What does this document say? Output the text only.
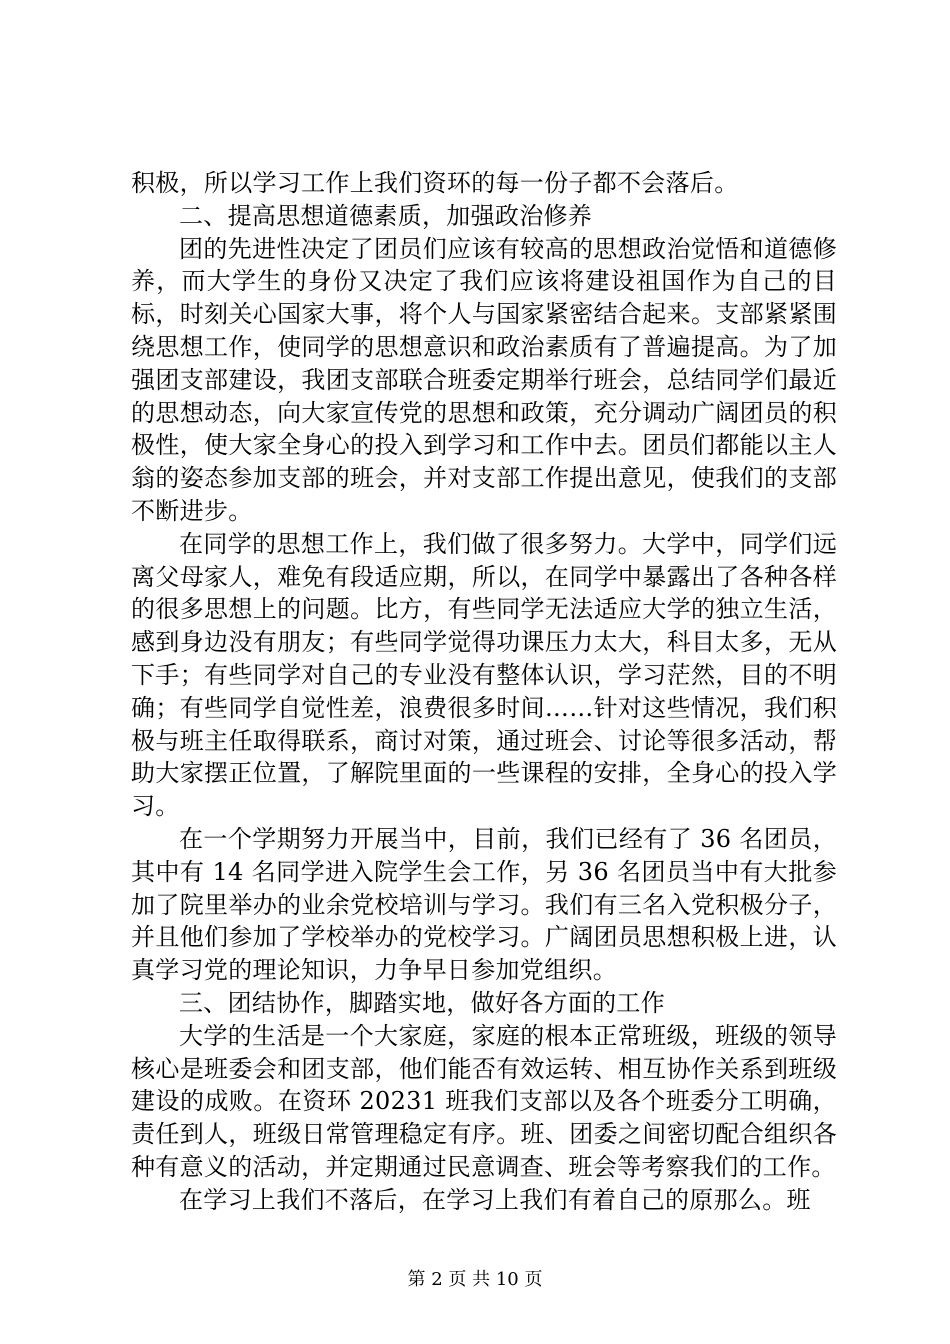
积极，所以学习工作上我们资环的每一份子都不会落后。

二、提高思想道德素质，加强政治修养

团的先进性决定了团员们应该有较高的思想政治觉悟和道德修养，而大学生的身份又决定了我们应该将建设祖国作为自己的目标，时刻关心国家大事，将个人与国家紧密结合起来。支部紧紧围绕思想工作，使同学的思想意识和政治素质有了普遍提高。为了加强团支部建设，我团支部联合班委定期举行班会，总结同学们最近的思想动态，向大家宣传党的思想和政策，充分调动广阔团员的积极性，使大家全身心的投入到学习和工作中去。团员们都能以主人翁的姿态参加支部的班会，并对支部工作提出意见，使我们的支部不断进步。

在同学的思想工作上，我们做了很多努力。大学中，同学们远离父母家人，难免有段适应期，所以，在同学中暴露出了各种各样的很多思想上的问题。比方，有些同学无法适应大学的独立生活，感到身边没有朋友；有些同学觉得功课压力太大，科目太多，无从下手；有些同学对自己的专业没有整体认识，学习茫然，目的不明确；有些同学自觉性差，浪费很多时间……针对这些情况，我们积极与班主任取得联系，商讨对策，通过班会、讨论等很多活动，帮助大家摆正位置，了解院里面的一些课程的安排，全身心的投入学习。

在一个学期努力开展当中，目前，我们已经有了 36 名团员，其中有 14 名同学进入院学生会工作，另 36 名团员当中有大批参加了院里举办的业余党校培训与学习。我们有三名入党积极分子，并且他们参加了学校举办的党校学习。广阔团员思想积极上进，认真学习党的理论知识，力争早日参加党组织。

三、团结协作，脚踏实地，做好各方面的工作

大学的生活是一个大家庭，家庭的根本正常班级，班级的领导核心是班委会和团支部，他们能否有效运转、相互协作关系到班级建设的成败。在资环 20231 班我们支部以及各个班委分工明确，责任到人，班级日常管理稳定有序。班、团委之间密切配合组织各种有意义的活动，并定期通过民意调查、班会等考察我们的工作。

在学习上我们不落后，在学习上我们有着自己的原那么。班

第 2 页 共 10 页
